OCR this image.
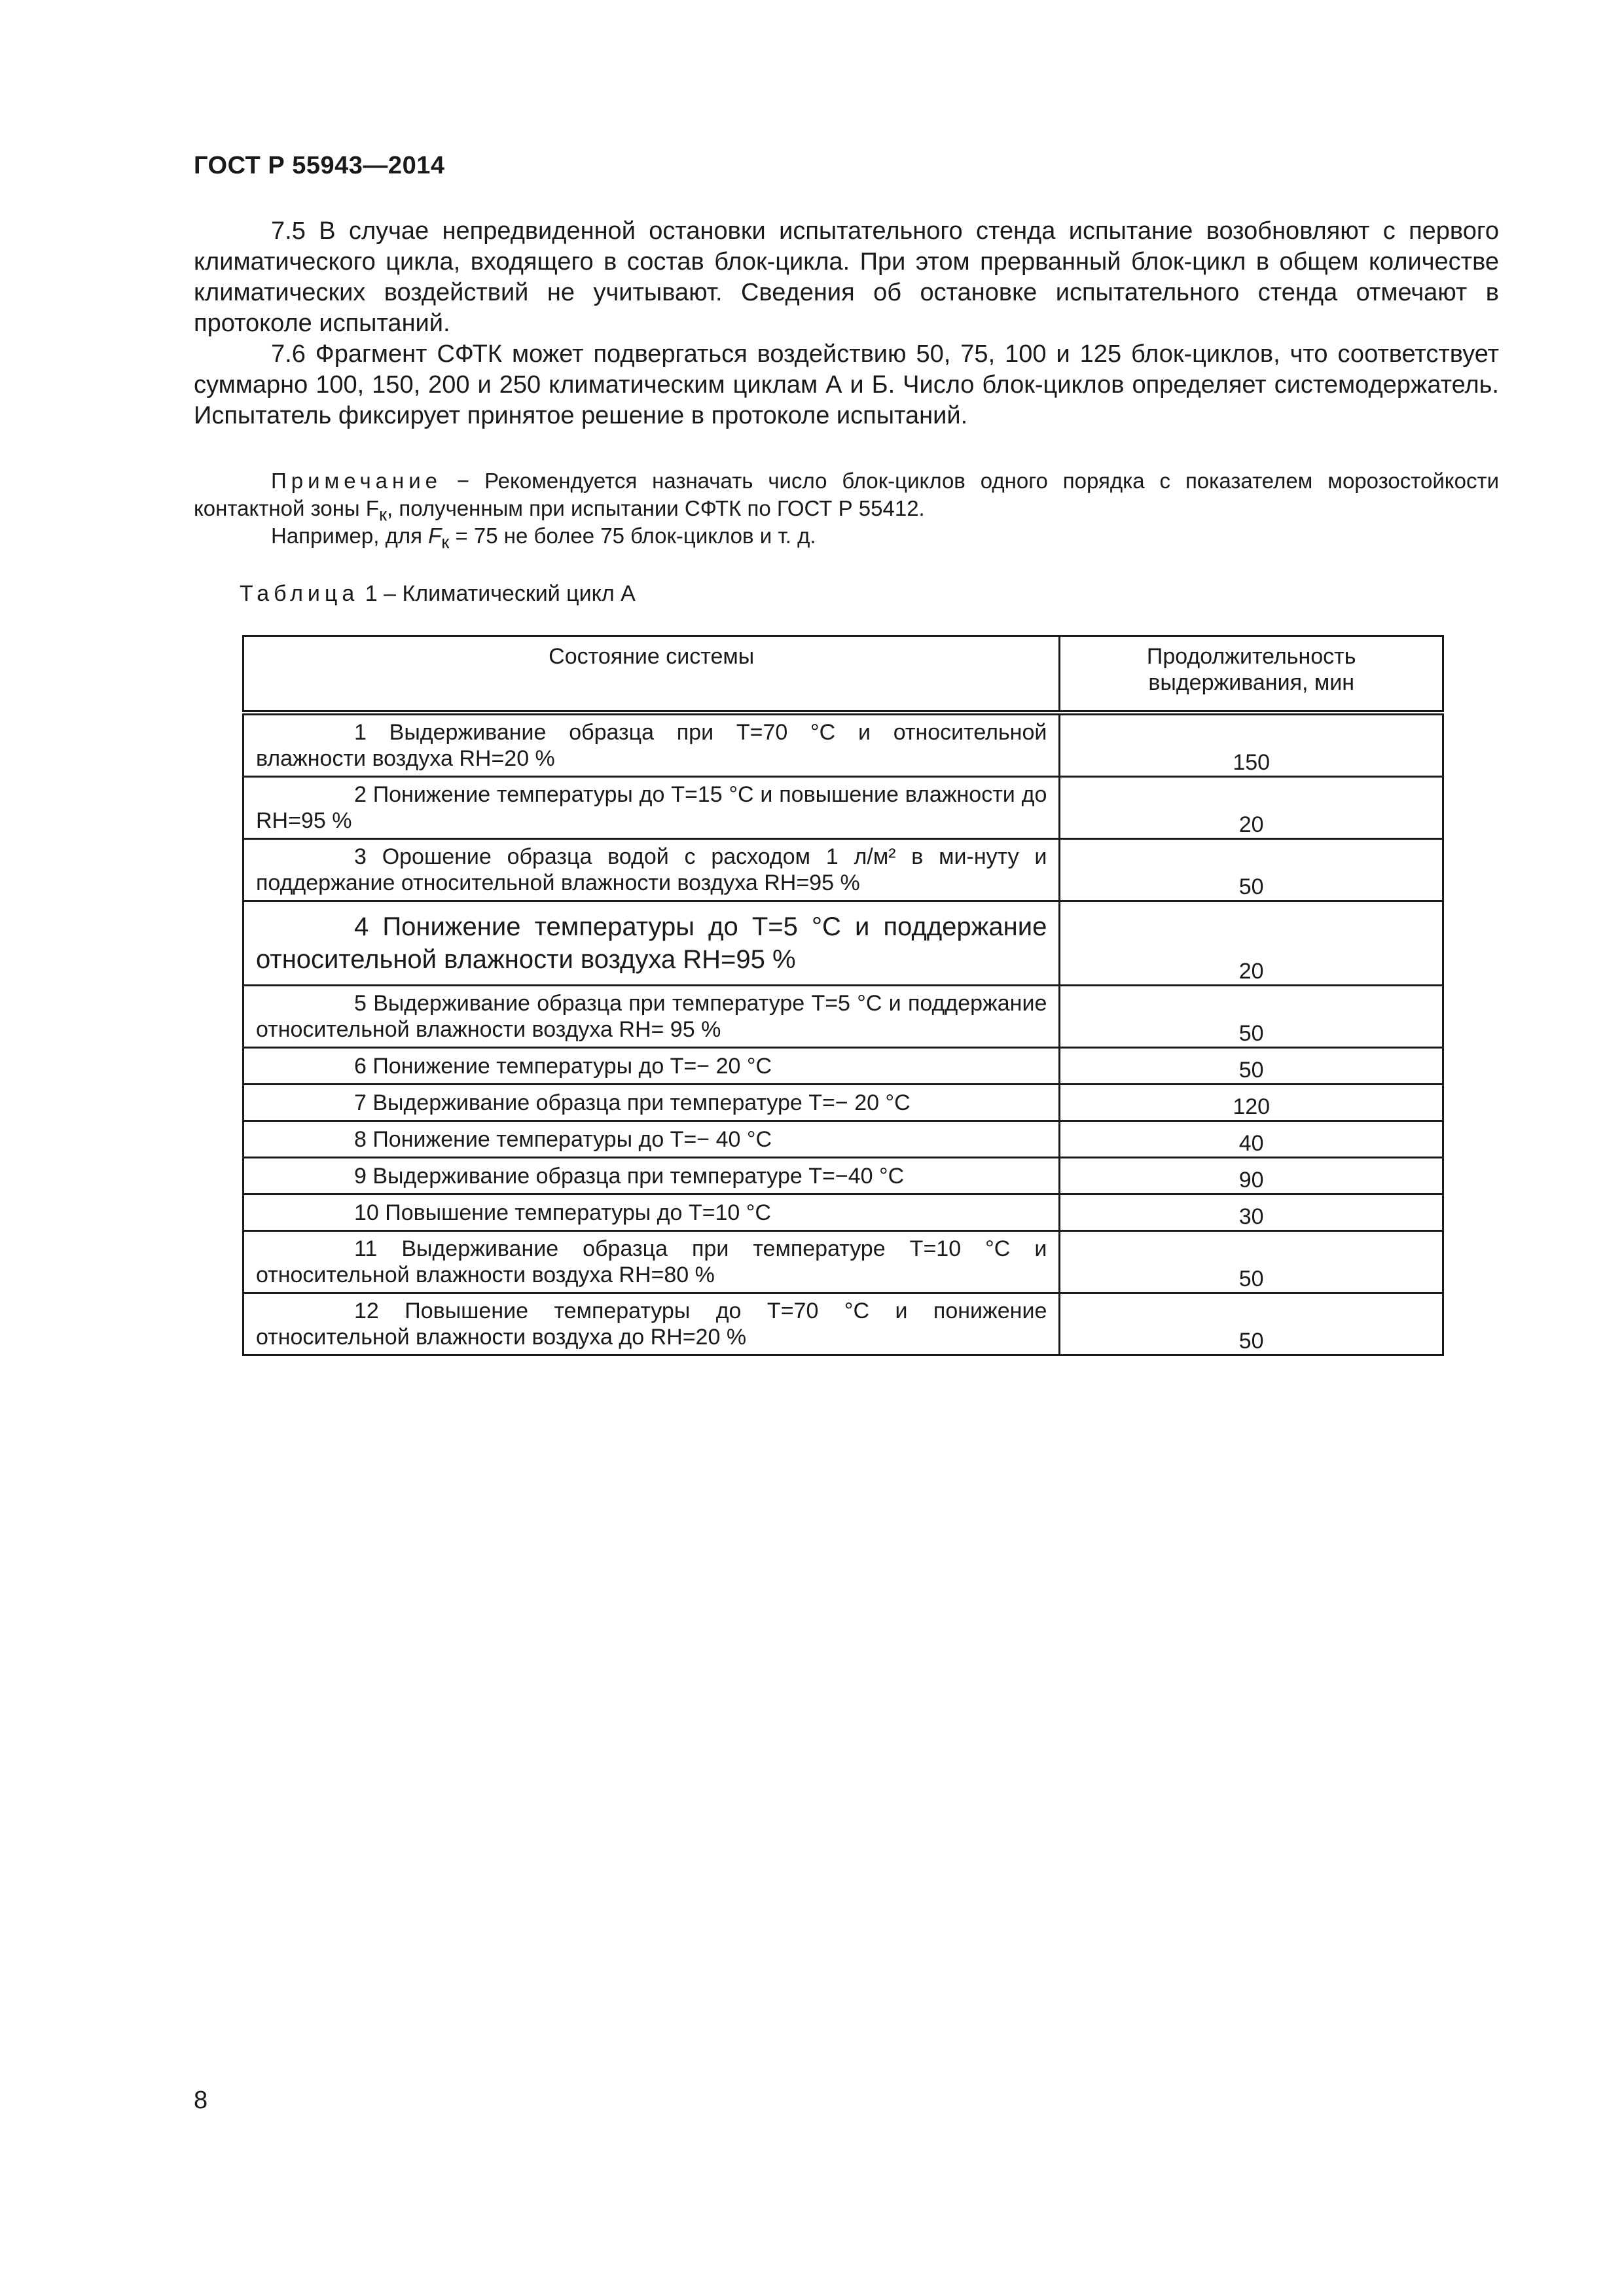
ГОСТ Р 55943—2014

7.5 В случае непредвиденной остановки испытательного стенда испытание возобновляют с первого климатического цикла, входящего в состав блок-цикла. При этом прерванный блок-цикл в общем количестве климатических воздействий не учитывают. Сведения об остановке испытательного стенда отмечают в протоколе испытаний.

7.6 Фрагмент СФТК может подвергаться воздействию 50, 75, 100 и 125 блок-циклов, что соответствует суммарно 100, 150, 200 и 250 климатическим циклам А и Б. Число блок-циклов определяет системодержатель. Испытатель фиксирует принятое решение в протоколе испытаний.

Примечание − Рекомендуется назначать число блок-циклов одного порядка с показателем морозостойкости контактной зоны $F_к$, полученным при испытании СФТК по ГОСТ Р 55412.

Например, для $F_к = 75$ не более 75 блок-циклов и т. д.

Таблица 1 – Климатический цикл А
Состояние системы	Продолжительность выдерживания, мин
1 Выдерживание образца при T=70 °С и относительной влажности воздуха RH=20 %	150
2 Понижение температуры до T=15 °С и повышение влажности до RH=95 %	20
3 Орошение образца водой с расходом 1 л/м² в ми-нуту и поддержание относительной влажности воздуха RH=95 %	50
4 Понижение температуры до T=5 °С и поддержание относительной влажности воздуха RH=95 %	20
5 Выдерживание образца при температуре T=5 °С и поддержание относительной влажности воздуха RH= 95 %	50
6 Понижение температуры до T=− 20 °С	50
7 Выдерживание образца при температуре T=− 20 °С	120
8 Понижение температуры до T=− 40 °С	40
9 Выдерживание образца при температуре T=−40 °С	90
10 Повышение температуры до T=10 °С	30
11 Выдерживание образца при температуре T=10 °С и относительной влажности воздуха RH=80 %	50
12 Повышение температуры до T=70 °С и понижение относительной влажности воздуха до RH=20 %	50
8
